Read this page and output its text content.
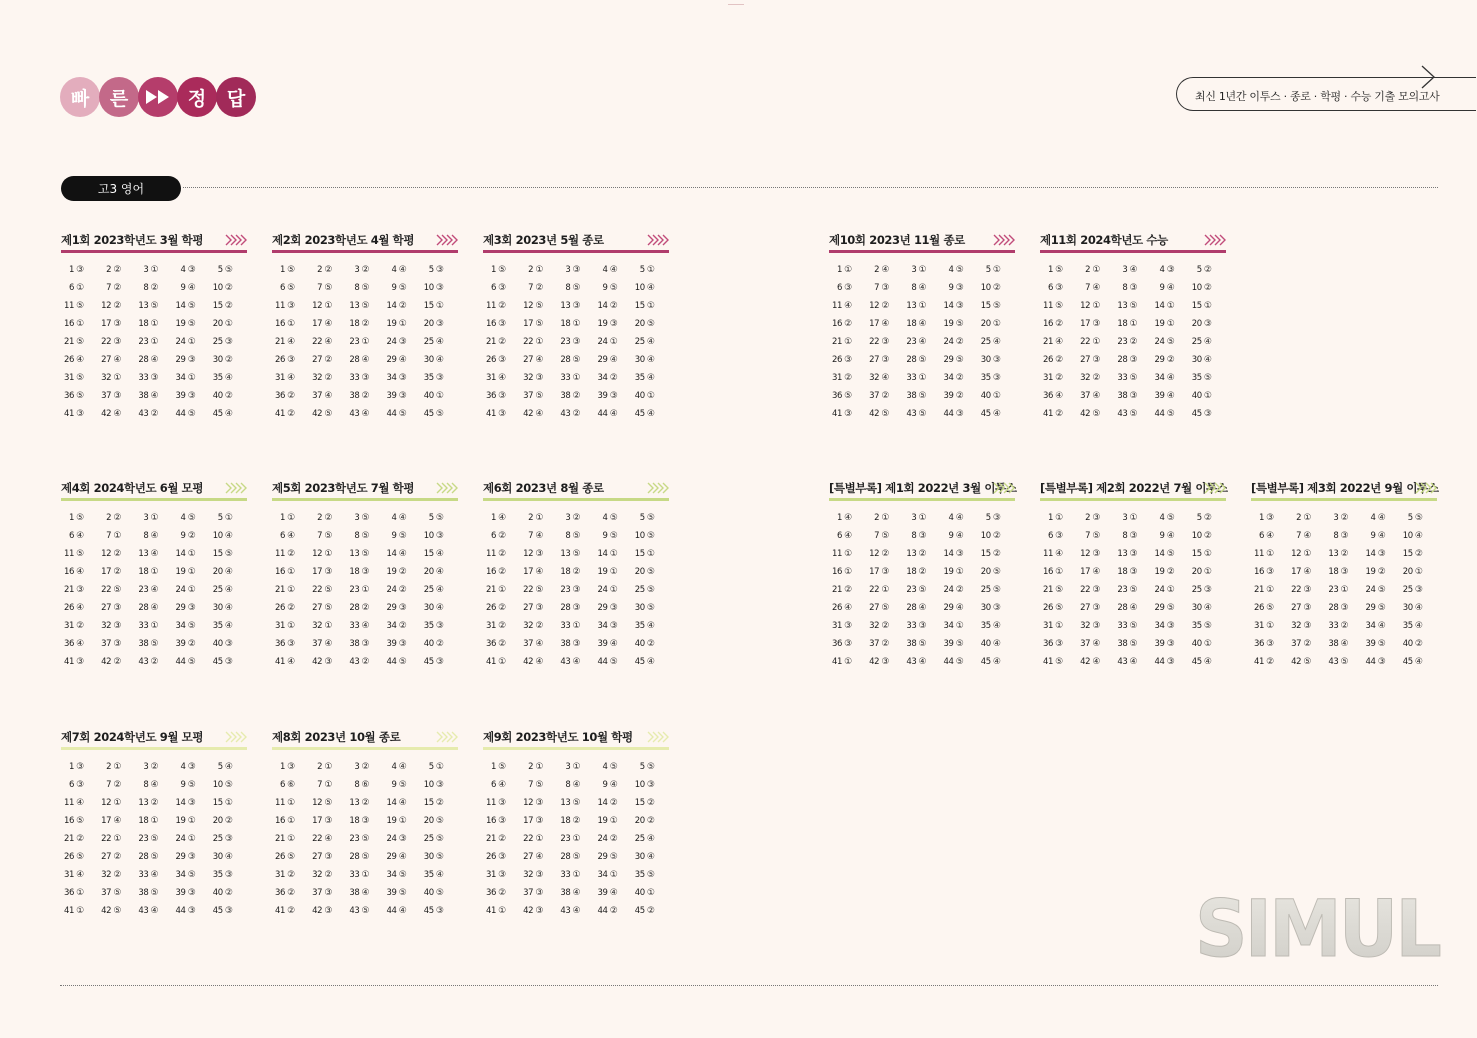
빠	른	정	답	최신 1년간 이투스 · 종로 · 학평 · 수능 기출 모의고사
고3 영어
제1회 2023학년도 3월 학평
1 ③	2 ②	3 ①	4 ③	5 ⑤
6 ①	7 ②	8 ②	9 ④ 10 ②
11 ⑤ 12 ② 13 ⑤ 14 ⑤ 15 ②
16 ① 17 ③ 18 ① 19 ⑤ 20 ①
21 ⑤ 22 ③ 23 ① 24 ① 25 ③
26 ④ 27 ④ 28 ④ 29 ③ 30 ②
31 ⑤ 32 ① 33 ③ 34 ① 35 ④
36 ⑤ 37 ③ 38 ④ 39 ③ 40 ②
41 ③ 42 ④ 43 ② 44 ⑤ 45 ④
제2회 2023학년도 4월 학평
1 ⑤	2 ②	3 ②	4 ④	5 ③
6 ⑤	7 ⑤	8 ⑤	9 ⑤ 10 ③
11 ③ 12 ① 13 ⑤ 14 ② 15 ①
16 ① 17 ④ 18 ② 19 ① 20 ③
21 ④ 22 ④ 23 ① 24 ③ 25 ④
26 ③ 27 ② 28 ④ 29 ④ 30 ④
31 ④ 32 ② 33 ③ 34 ③ 35 ③
36 ② 37 ④ 38 ② 39 ③ 40 ①
41 ② 42 ⑤ 43 ④ 44 ⑤ 45 ⑤
제3회 2023년 5월 종로
1 ⑤	2 ①	3 ③	4 ④	5 ①
6 ③	7 ②	8 ⑤	9 ⑤ 10 ④
11 ② 12 ⑤ 13 ③ 14 ② 15 ①
16 ③ 17 ⑤ 18 ① 19 ③ 20 ⑤
21 ② 22 ① 23 ③ 24 ① 25 ④
26 ③ 27 ④ 28 ⑤ 29 ④ 30 ④
31 ④ 32 ③ 33 ① 34 ② 35 ④
36 ③ 37 ⑤ 38 ② 39 ③ 40 ①
41 ③ 42 ④ 43 ② 44 ④ 45 ④
제10회 2023년 11월 종로
1 ①	2 ④	3 ①	4 ⑤	5 ①
6 ③	7 ③	8 ④	9 ③ 10 ②
11 ④ 12 ② 13 ① 14 ③ 15 ⑤
16 ② 17 ④ 18 ④ 19 ⑤ 20 ①
21 ① 22 ③ 23 ④ 24 ② 25 ④
26 ③ 27 ③ 28 ⑤ 29 ⑤ 30 ③
31 ② 32 ④ 33 ① 34 ② 35 ③
36 ⑤ 37 ② 38 ⑤ 39 ② 40 ①
41 ③ 42 ⑤ 43 ⑤ 44 ③ 45 ④
제11회 2024학년도 수능
1 ⑤	2 ①	3 ④	4 ③	5 ②
6 ③	7 ④	8 ③	9 ④ 10 ②
11 ⑤ 12 ① 13 ⑤ 14 ① 15 ①
16 ② 17 ③ 18 ① 19 ① 20 ③
21 ④ 22 ① 23 ② 24 ⑤ 25 ④
26 ② 27 ③ 28 ③ 29 ② 30 ④
31 ② 32 ② 33 ⑤ 34 ④ 35 ⑤
36 ④ 37 ④ 38 ③ 39 ④ 40 ①
41 ② 42 ⑤ 43 ⑤ 44 ⑤ 45 ③
제4회 2024학년도 6월 모평
1 ⑤	2 ②	3 ①	4 ⑤	5 ①
6 ④	7 ①	8 ④	9 ② 10 ④
11 ⑤ 12 ② 13 ④ 14 ① 15 ⑤
16 ④ 17 ② 18 ① 19 ① 20 ④
21 ③ 22 ⑤ 23 ④ 24 ① 25 ④
26 ④ 27 ③ 28 ④ 29 ③ 30 ④
31 ② 32 ③ 33 ① 34 ⑤ 35 ④
36 ④ 37 ③ 38 ⑤ 39 ② 40 ③
41 ③ 42 ② 43 ② 44 ⑤ 45 ③
제5회 2023학년도 7월 학평
1 ①	2 ②	3 ⑤	4 ④	5 ⑤
6 ④	7 ⑤	8 ⑤	9 ⑤ 10 ③
11 ② 12 ① 13 ⑤ 14 ④ 15 ④
16 ① 17 ③ 18 ③ 19 ② 20 ④
21 ① 22 ⑤ 23 ① 24 ② 25 ④
26 ② 27 ⑤ 28 ② 29 ③ 30 ④
31 ① 32 ① 33 ④ 34 ② 35 ③
36 ③ 37 ④ 38 ③ 39 ③ 40 ②
41 ④ 42 ③ 43 ② 44 ⑤ 45 ③
제6회 2023년 8월 종로
1 ④	2 ①	3 ②	4 ⑤	5 ⑤
6 ②	7 ④	8 ⑤	9 ⑤ 10 ⑤
11 ② 12 ③ 13 ⑤ 14 ① 15 ①
16 ② 17 ④ 18 ② 19 ① 20 ⑤
21 ① 22 ⑤ 23 ③ 24 ① 25 ⑤
26 ② 27 ③ 28 ③ 29 ③ 30 ⑤
31 ② 32 ② 33 ① 34 ③ 35 ④
36 ② 37 ④ 38 ③ 39 ④ 40 ②
41 ① 42 ④ 43 ④ 44 ⑤ 45 ④
[특별부록] 제1회 2022년 3월 이투스
1 ④	2 ①	3 ①	4 ④	5 ③
6 ④	7 ⑤	8 ③	9 ④ 10 ②
11 ① 12 ② 13 ② 14 ③ 15 ②
16 ① 17 ③ 18 ② 19 ① 20 ⑤
21 ② 22 ① 23 ⑤ 24 ② 25 ⑤
26 ④ 27 ⑤ 28 ④ 29 ④ 30 ③
31 ③ 32 ② 33 ③ 34 ① 35 ④
36 ③ 37 ② 38 ⑤ 39 ⑤ 40 ④
41 ① 42 ③ 43 ④ 44 ⑤ 45 ④
[특별부록] 제2회 2022년 7월 이투스
1 ①	2 ③	3 ①	4 ⑤	5 ②
6 ③	7 ⑤	8 ③	9 ④ 10 ②
11 ④ 12 ③ 13 ③ 14 ⑤ 15 ①
16 ① 17 ④ 18 ③ 19 ② 20 ①
21 ⑤ 22 ③ 23 ⑤ 24 ① 25 ③
26 ⑤ 27 ③ 28 ④ 29 ⑤ 30 ④
31 ① 32 ③ 33 ⑤ 34 ③ 35 ⑤
36 ③ 37 ④ 38 ⑤ 39 ③ 40 ①
41 ⑤ 42 ④ 43 ④ 44 ③ 45 ④
[특별부록] 제3회 2022년 9월 이투스
1 ③	2 ①	3 ②	4 ④	5 ⑤
6 ④	7 ④	8 ③	9 ④ 10 ④
11 ① 12 ① 13 ② 14 ③ 15 ②
16 ③ 17 ④ 18 ③ 19 ② 20 ①
21 ① 22 ③ 23 ① 24 ⑤ 25 ③
26 ⑤ 27 ③ 28 ③ 29 ⑤ 30 ④
31 ① 32 ③ 33 ② 34 ④ 35 ④
36 ③ 37 ② 38 ④ 39 ⑤ 40 ②
41 ② 42 ⑤ 43 ⑤ 44 ③ 45 ④
제7회 2024학년도 9월 모평
1 ③	2 ①	3 ②	4 ③	5 ④
6 ③	7 ②	8 ④	9 ⑤ 10 ⑤
11 ④ 12 ① 13 ② 14 ③ 15 ①
16 ⑤ 17 ④ 18 ① 19 ① 20 ②
21 ② 22 ① 23 ⑤ 24 ① 25 ③
26 ⑤ 27 ② 28 ⑤ 29 ③ 30 ④
31 ④ 32 ② 33 ④ 34 ⑤ 35 ③
36 ① 37 ⑤ 38 ⑤ 39 ③ 40 ②
41 ① 42 ⑤ 43 ④ 44 ③ 45 ③
제8회 2023년 10월 종로
1 ③	2 ①	3 ②	4 ④	5 ①
6 ⑥	7 ①	8 ⑥	9 ⑤ 10 ③
11 ① 12 ⑤ 13 ② 14 ④ 15 ②
16 ① 17 ③ 18 ③ 19 ① 20 ⑤
21 ① 22 ④ 23 ⑤ 24 ③ 25 ⑤
26 ⑤ 27 ③ 28 ⑤ 29 ④ 30 ⑤
31 ② 32 ② 33 ① 34 ⑤ 35 ④
36 ② 37 ③ 38 ④ 39 ⑤ 40 ⑤
41 ② 42 ③ 43 ⑤ 44 ④ 45 ③
제9회 2023학년도 10월 학평
1 ⑤	2 ①	3 ①	4 ⑤	5 ⑤
6 ④	7 ⑤	8 ④	9 ④ 10 ③
11 ③ 12 ③ 13 ⑤ 14 ② 15 ②
16 ③ 17 ③ 18 ② 19 ① 20 ②
21 ② 22 ① 23 ① 24 ② 25 ④
26 ③ 27 ④ 28 ⑤ 29 ⑤ 30 ④
31 ③ 32 ③ 33 ① 34 ① 35 ⑤
36 ② 37 ③ 38 ④ 39 ④ 40 ①
41 ① 42 ③ 43 ④ 44 ② 45 ②	SIMUL
